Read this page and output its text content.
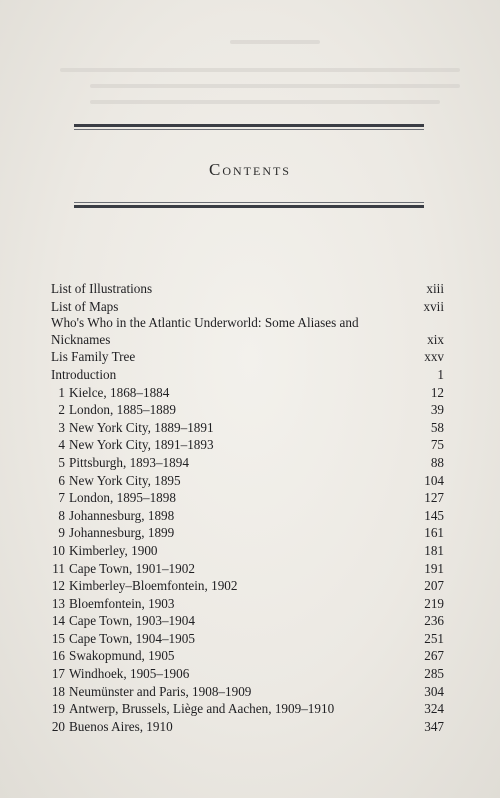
Contents
List of Illustrations	xiii
List of Maps	xvii
Who's Who in the Atlantic Underworld: Some Aliases and Nicknames	xix
Lis Family Tree	xxv
Introduction	1
1 Kielce, 1868–1884	12
2 London, 1885–1889	39
3 New York City, 1889–1891	58
4 New York City, 1891–1893	75
5 Pittsburgh, 1893–1894	88
6 New York City, 1895	104
7 London, 1895–1898	127
8 Johannesburg, 1898	145
9 Johannesburg, 1899	161
10 Kimberley, 1900	181
11 Cape Town, 1901–1902	191
12 Kimberley–Bloemfontein, 1902	207
13 Bloemfontein, 1903	219
14 Cape Town, 1903–1904	236
15 Cape Town, 1904–1905	251
16 Swakopmund, 1905	267
17 Windhoek, 1905–1906	285
18 Neumünster and Paris, 1908–1909	304
19 Antwerp, Brussels, Liège and Aachen, 1909–1910	324
20 Buenos Aires, 1910	347
